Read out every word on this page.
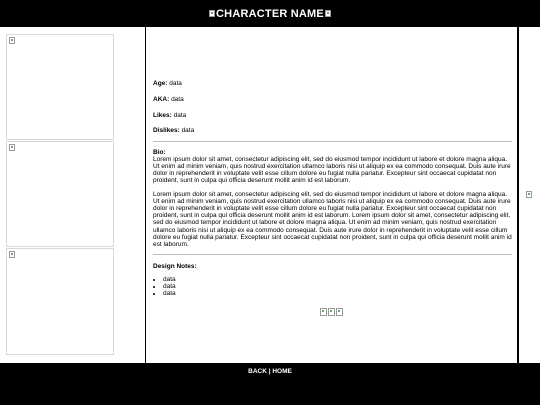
CHARACTER NAME
Age: data
AKA: data
Likes: data
Dislikes: data
Bio:

Lorem ipsum dolor sit amet, consectetur adipiscing elit, sed do eiusmod tempor incididunt ut labore et dolore magna aliqua. Ut enim ad minim veniam, quis nostrud exercitation ullamco laboris nisi ut aliquip ex ea commodo consequat. Duis aute irure dolor in reprehenderit in voluptate velit esse cillum dolore eu fugiat nulla pariatur. Excepteur sint occaecat cupidatat non proident, sunt in culpa qui officia deserunt mollit anim id est laborum.

Lorem ipsum dolor sit amet, consectetur adipiscing elit, sed do eiusmod tempor incididunt ut labore et dolore magna aliqua. Ut enim ad minim veniam, quis nostrud exercitation ullamco laboris nisi ut aliquip ex ea commodo consequat. Duis aute irure dolor in reprehenderit in voluptate velit esse cillum dolore eu fugiat nulla pariatur. Excepteur sint occaecat cupidatat non proident, sunt in culpa qui officia deserunt mollit anim id est laborum. Lorem ipsum dolor sit amet, consectetur adipiscing elit, sed do eiusmod tempor incididunt ut labore et dolore magna aliqua. Ut enim ad minim veniam, quis nostrud exercitation ullamco laboris nisi ut aliquip ex ea commodo consequat. Duis aute irure dolor in reprehenderit in voluptate velit esse cillum dolore eu fugiat nulla pariatur. Excepteur sint occaecat cupidatat non proident, sunt in culpa qui officia deserunt mollit anim id est laborum.

Design Notes:
• data
• data
• data
BACK | HOME
